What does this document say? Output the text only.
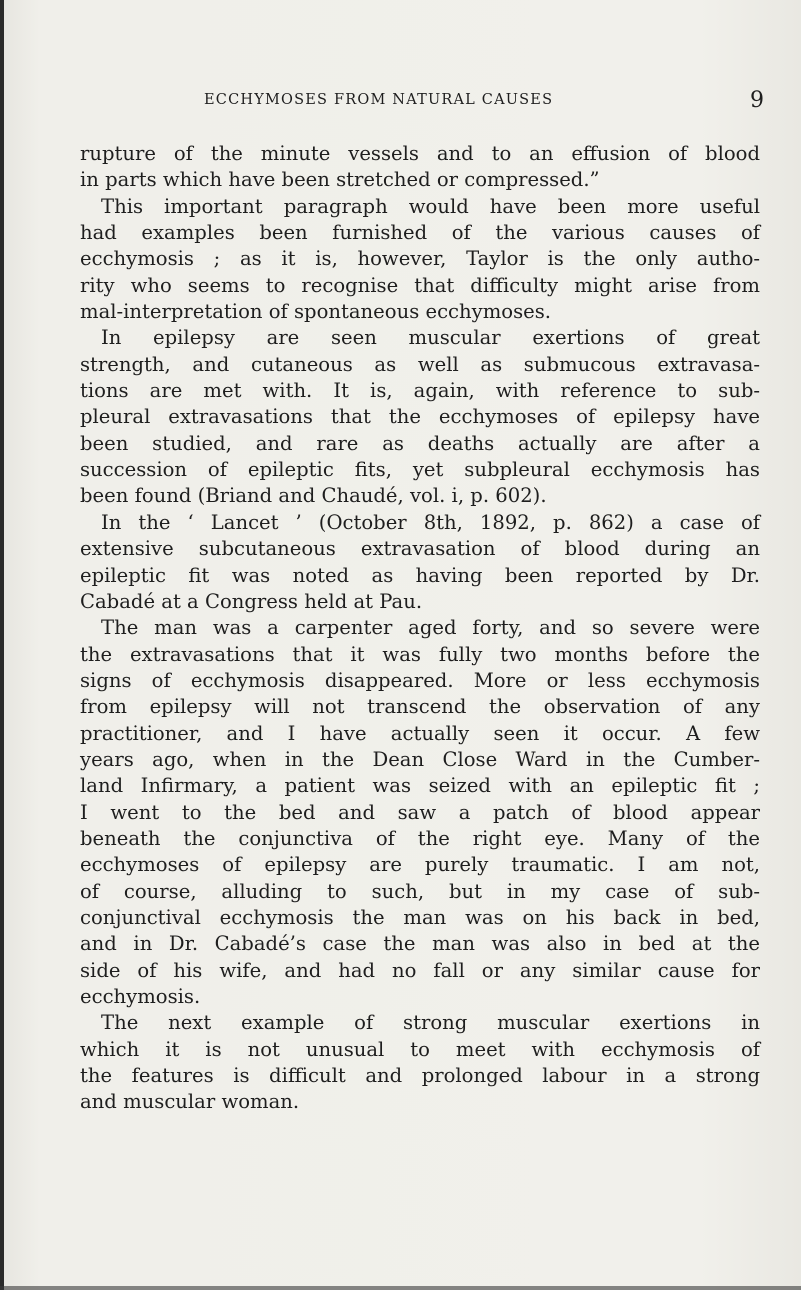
ECCHYMOSES FROM NATURAL CAUSES	9
rupture of the minute vessels and to an effusion of blood
in parts which have been stretched or compressed.”
This important paragraph would have been more useful
had examples been furnished of the various causes of
ecchymosis ; as it is, however, Taylor is the only autho-
rity who seems to recognise that difficulty might arise from
mal-interpretation of spontaneous ecchymoses.
In epilepsy are seen muscular exertions of great
strength, and cutaneous as well as submucous extravasa-
tions are met with. It is, again, with reference to sub-
pleural extravasations that the ecchymoses of epilepsy have
been studied, and rare as deaths actually are after a
succession of epileptic fits, yet subpleural ecchymosis has
been found (Briand and Chaudé, vol. i, p. 602).
In the ‘ Lancet ’ (October 8th, 1892, p. 862) a case of
extensive subcutaneous extravasation of blood during an
epileptic fit was noted as having been reported by Dr.
Cabadé at a Congress held at Pau.
The man was a carpenter aged forty, and so severe were
the extravasations that it was fully two months before the
signs of ecchymosis disappeared. More or less ecchymosis
from epilepsy will not transcend the observation of any
practitioner, and I have actually seen it occur. A few
years ago, when in the Dean Close Ward in the Cumber-
land Infirmary, a patient was seized with an epileptic fit ;
I went to the bed and saw a patch of blood appear
beneath the conjunctiva of the right eye. Many of the
ecchymoses of epilepsy are purely traumatic. I am not,
of course, alluding to such, but in my case of sub-
conjunctival ecchymosis the man was on his back in bed,
and in Dr. Cabadé’s case the man was also in bed at the
side of his wife, and had no fall or any similar cause for
ecchymosis.
The next example of strong muscular exertions in
which it is not unusual to meet with ecchymosis of
the features is difficult and prolonged labour in a strong
and muscular woman.
